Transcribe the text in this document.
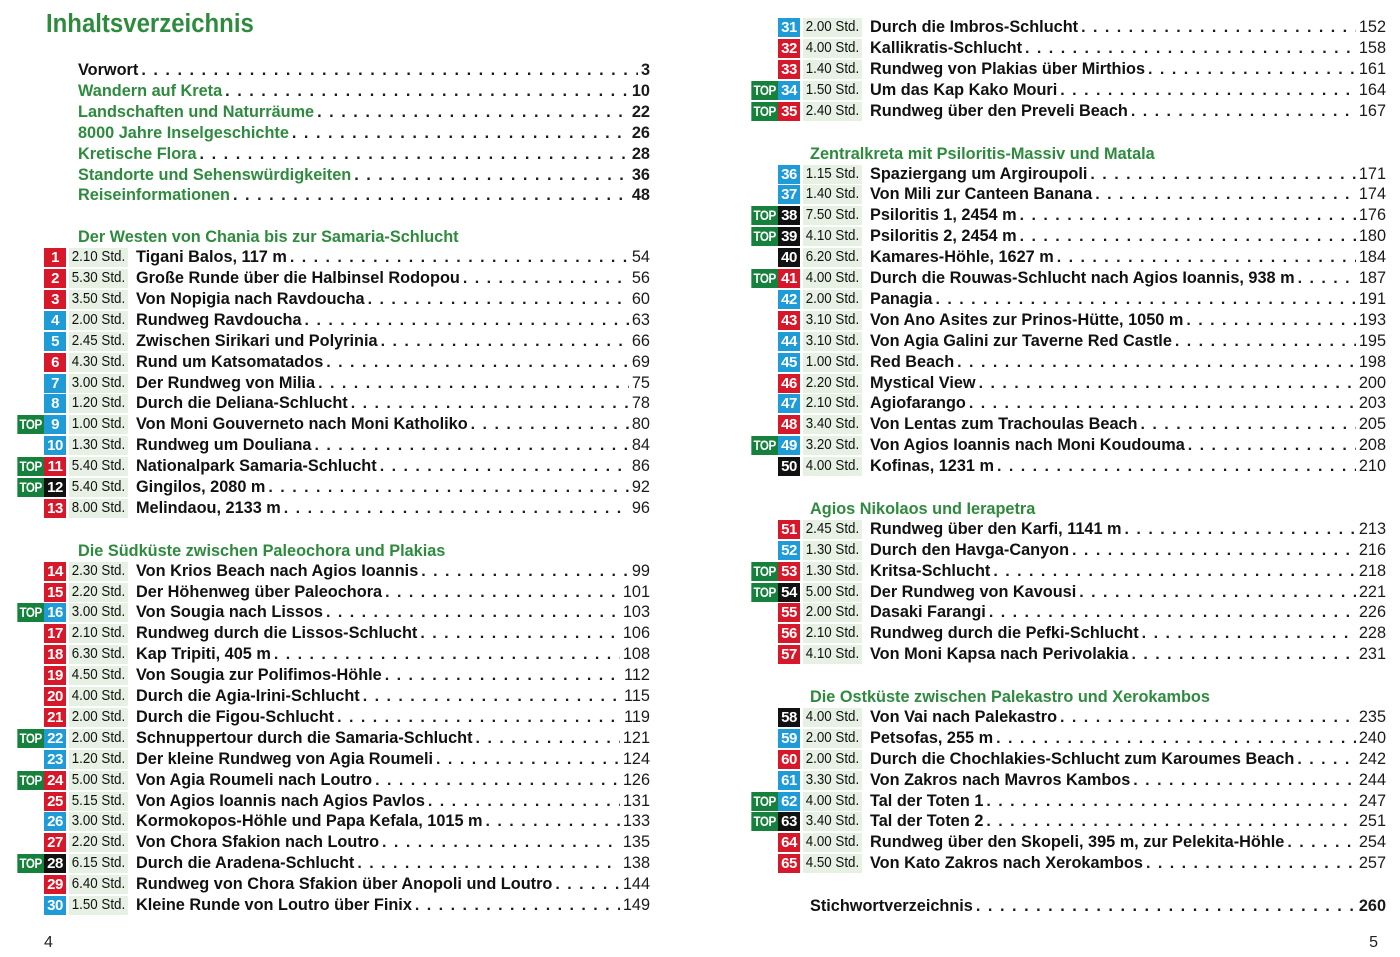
Inhaltsverzeichnis
Vorwort . . .	3
Wandern auf Kreta . . .	10
Landschaften und Naturräume . . .	22
8000 Jahre Inselgeschichte . . .	26
Kretische Flora . . .	28
Standorte und Sehenswürdigkeiten . . .	36
Reiseinformationen . . .	48
Der Westen von Chania bis zur Samaria-Schlucht
1 2.10 Std. Tigani Balos, 117 m . . .	54
2 5.30 Std. Große Runde über die Halbinsel Rodopou . . .	56
3 3.50 Std. Von Nopigia nach Ravdoucha . . .	60
4 2.00 Std. Rundweg Ravdoucha . . .	63
5 2.45 Std. Zwischen Sirikari und Polyrinia . . .	66
6 4.30 Std. Rund um Katsomatados . . .	69
7 3.00 Std. Der Rundweg von Milia . . .	75
8 1.20 Std. Durch die Deliana-Schlucht . . .	78
TOP 9 1.00 Std. Von Moni Gouverneto nach Moni Katholiko . . .	80
10 1.30 Std. Rundweg um Douliana . . .	84
TOP 11 5.40 Std. Nationalpark Samaria-Schlucht . . .	86
TOP 12 5.40 Std. Gingilos, 2080 m . . .	92
13 8.00 Std. Melindaou, 2133 m . . .	96
Die Südküste zwischen Paleochora und Plakias
14 2.30 Std. Von Krios Beach nach Agios Ioannis . . .	99
15 2.20 Std. Der Höhenweg über Paleochora . . .	101
TOP 16 3.00 Std. Von Sougia nach Lissos . . .	103
17 2.10 Std. Rundweg durch die Lissos-Schlucht . . .	106
18 6.30 Std. Kap Tripiti, 405 m . . .	108
19 4.50 Std. Von Sougia zur Polifimos-Höhle . . .	112
20 4.00 Std. Durch die Agia-Irini-Schlucht . . .	115
21 2.00 Std. Durch die Figou-Schlucht . . .	119
TOP 22 2.00 Std. Schnuppertour durch die Samaria-Schlucht . . .	121
23 1.20 Std. Der kleine Rundweg von Agia Roumeli . . .	124
TOP 24 5.00 Std. Von Agia Roumeli nach Loutro . . .	126
25 5.15 Std. Von Agios Ioannis nach Agios Pavlos . . .	131
26 3.00 Std. Kormokopos-Höhle und Papa Kefala, 1015 m . . .	133
27 2.20 Std. Von Chora Sfakion nach Loutro . . .	135
TOP 28 6.15 Std. Durch die Aradena-Schlucht . . .	138
29 6.40 Std. Rundweg von Chora Sfakion über Anopoli und Loutro . . .	144
30 1.50 Std. Kleine Runde von Loutro über Finix . . .	149
4
31 2.00 Std. Durch die Imbros-Schlucht . . .	152
32 4.00 Std. Kallikratis-Schlucht . . .	158
33 1.40 Std. Rundweg von Plakias über Mirthios . . .	161
TOP 34 1.50 Std. Um das Kap Kako Mouri . . .	164
TOP 35 2.40 Std. Rundweg über den Preveli Beach . . .	167
Zentralkreta mit Psiloritis-Massiv und Matala
36 1.15 Std. Spaziergang um Argiroupoli . . .	171
37 1.40 Std. Von Mili zur Canteen Banana . . .	174
TOP 38 7.50 Std. Psiloritis 1, 2454 m . . .	176
TOP 39 4.10 Std. Psiloritis 2, 2454 m . . .	180
40 6.20 Std. Kamares-Höhle, 1627 m . . .	184
TOP 41 4.00 Std. Durch die Rouwas-Schlucht nach Agios Ioannis, 938 m . . .	187
42 2.00 Std. Panagia . . .	191
43 3.10 Std. Von Ano Asites zur Prinos-Hütte, 1050 m . . .	193
44 3.10 Std. Von Agia Galini zur Taverne Red Castle . . .	195
45 1.00 Std. Red Beach . . .	198
46 2.20 Std. Mystical View . . .	200
47 2.10 Std. Agiofarango . . .	203
48 3.40 Std. Von Lentas zum Trachoulas Beach . . .	205
TOP 49 3.20 Std. Von Agios Ioannis nach Moni Koudouma . . .	208
50 4.00 Std. Kofinas, 1231 m . . .	210
Agios Nikolaos und Ierapetra
51 2.45 Std. Rundweg über den Karfi, 1141 m . . .	213
52 1.30 Std. Durch den Havga-Canyon . . .	216
TOP 53 1.30 Std. Kritsa-Schlucht . . .	218
TOP 54 5.00 Std. Der Rundweg von Kavousi . . .	221
55 2.00 Std. Dasaki Farangi . . .	226
56 2.10 Std. Rundweg durch die Pefki-Schlucht . . .	228
57 4.10 Std. Von Moni Kapsa nach Perivolakia . . .	231
Die Ostküste zwischen Palekastro und Xerokambos
58 4.00 Std. Von Vai nach Palekastro . . .	235
59 2.00 Std. Petsofas, 255 m . . .	240
60 2.00 Std. Durch die Chochlakies-Schlucht zum Karoumes Beach . . .	242
61 3.30 Std. Von Zakros nach Mavros Kambos . . .	244
TOP 62 4.00 Std. Tal der Toten 1 . . .	247
TOP 63 3.40 Std. Tal der Toten 2 . . .	251
64 4.00 Std. Rundweg über den Skopeli, 395 m, zur Pelekita-Höhle . . .	254
65 4.50 Std. Von Kato Zakros nach Xerokambos . . .	257
Stichwortverzeichnis . . .	260
5
